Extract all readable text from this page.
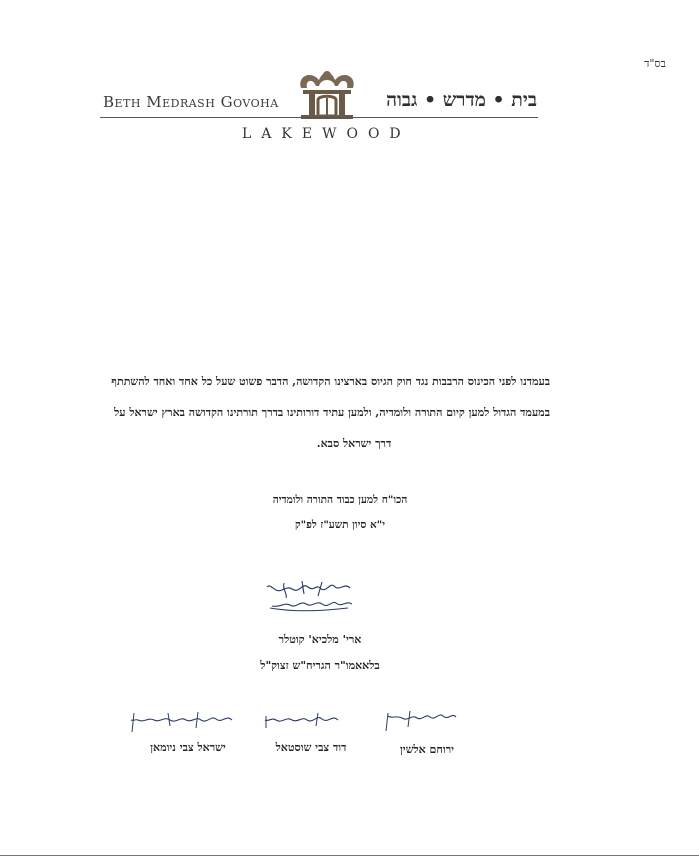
בס"ד
Beth Medrash Govoha	בית • מדרש • גבוה
LAKEWOOD
בעמדנו לפני הכינוס הרבבות נגד חוק הגיוס בארצינו הקדושה, הדבר פשוט שעל כל אחד ואחד להשתתף
במעמד הגדול למען קיום התורה ולומדיה, ולמען עתיד דורותינו בדרך תורתינו הקדושה בארץ ישראל על

דרך ישראל סבא.
הכו"ח למען כבוד התורה ולומדיה
י"א סיון תשע"ז לפ"ק
ארי' מלכיא' קוטלר
בלאאמו"ר הגריח"ש זצוק"ל
ירוחם אלשין
דוד צבי שוסטאל
ישראל צבי ניומאן
